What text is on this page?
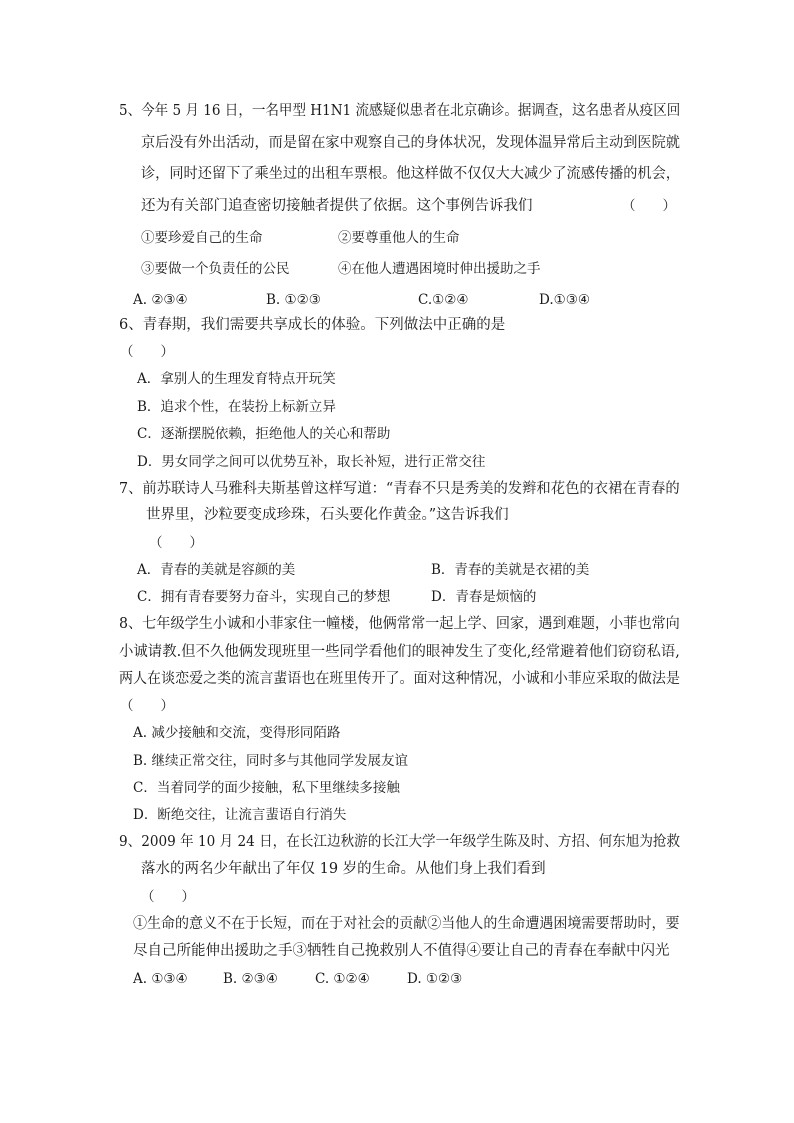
5、今年 5 月 16 日，一名甲型 H1N1 流感疑似患者在北京确诊。据调查，这名患者从疫区回
京后没有外出活动，而是留在家中观察自己的身体状况，发现体温异常后主动到医院就
诊，同时还留下了乘坐过的出租车票根。他这样做不仅仅大大减少了流感传播的机会，
还为有关部门追查密切接触者提供了依据。这个事例告诉我们	（　　）
①要珍爱自己的生命	②要尊重他人的生命
③要做一个负责任的公民	④在他人遭遇困境时伸出援助之手
A. ②③④	B. ①②③	C.①②④	D.①③④
6、青春期，我们需要共享成长的体验。下列做法中正确的是
（　　）
A．拿别人的生理发育特点开玩笑
B．追求个性，在装扮上标新立异
C．逐渐摆脱依赖，拒绝他人的关心和帮助
D．男女同学之间可以优势互补，取长补短，进行正常交往
7、前苏联诗人马雅科夫斯基曾这样写道：“青春不只是秀美的发辫和花色的衣裙在青春的
世界里，沙粒要变成珍珠，石头要化作黄金。”这告诉我们
（　　）
A．青春的美就是容颜的美	B．青春的美就是衣裙的美
C．拥有青春要努力奋斗，实现自己的梦想	D．青春是烦恼的
8、七年级学生小诚和小菲家住一幢楼，他俩常常一起上学、回家，遇到难题，小菲也常向
小诚请教.但不久他俩发现班里一些同学看他们的眼神发生了变化,经常避着他们窃窃私语,
两人在谈恋爱之类的流言蜚语也在班里传开了。面对这种情况，小诚和小菲应采取的做法是
（　　）
A. 减少接触和交流，变得形同陌路
B. 继续正常交往，同时多与其他同学发展友谊
C．当着同学的面少接触，私下里继续多接触
D．断绝交往，让流言蜚语自行消失
9、2009 年 10 月 24 日，在长江边秋游的长江大学一年级学生陈及时、方招、何东旭为抢救
落水的两名少年献出了年仅 19 岁的生命。从他们身上我们看到
（　　）
①生命的意义不在于长短，而在于对社会的贡献②当他人的生命遭遇困境需要帮助时，要
尽自己所能伸出援助之手③牺牲自己挽救别人不值得④要让自己的青春在奉献中闪光
A. ①③④	B. ②③④	C. ①②④	D. ①②③
